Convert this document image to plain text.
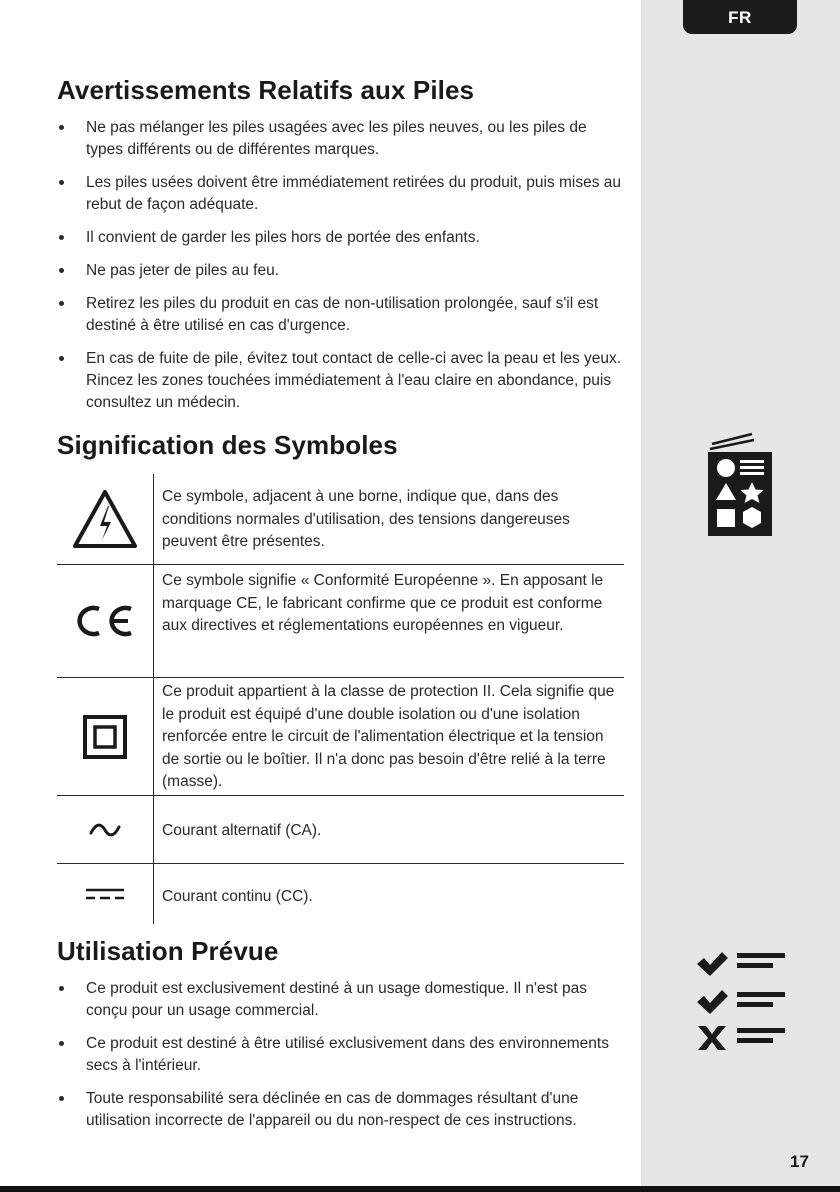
FR
Avertissements Relatifs aux Piles
Ne pas mélanger les piles usagées avec les piles neuves, ou les piles de types différents ou de différentes marques.
Les piles usées doivent être immédiatement retirées du produit, puis mises au rebut de façon adéquate.
Il convient de garder les piles hors de portée des enfants.
Ne pas jeter de piles au feu.
Retirez les piles du produit en cas de non-utilisation prolongée, sauf s'il est destiné à être utilisé en cas d'urgence.
En cas de fuite de pile, évitez tout contact de celle-ci avec la peau et les yeux. Rincez les zones touchées immédiatement à l'eau claire en abondance, puis consultez un médecin.
Signification des Symboles
Ce symbole, adjacent à une borne, indique que, dans des conditions normales d'utilisation, des tensions dangereuses peuvent être présentes.
Ce symbole signifie « Conformité Européenne ». En apposant le marquage CE, le fabricant confirme que ce produit est conforme aux directives et réglementations européennes en vigueur.
Ce produit appartient à la classe de protection II. Cela signifie que le produit est équipé d'une double isolation ou d'une isolation renforcée entre le circuit de l'alimentation électrique et la tension de sortie ou le boîtier. Il n'a donc pas besoin d'être relié à la terre (masse).
Courant alternatif (CA).
Courant continu (CC).
Utilisation Prévue
Ce produit est exclusivement destiné à un usage domestique. Il n'est pas conçu pour un usage commercial.
Ce produit est destiné à être utilisé exclusivement dans des environnements secs à l'intérieur.
Toute responsabilité sera déclinée en cas de dommages résultant d'une utilisation incorrecte de l'appareil ou du non-respect de ces instructions.
17
